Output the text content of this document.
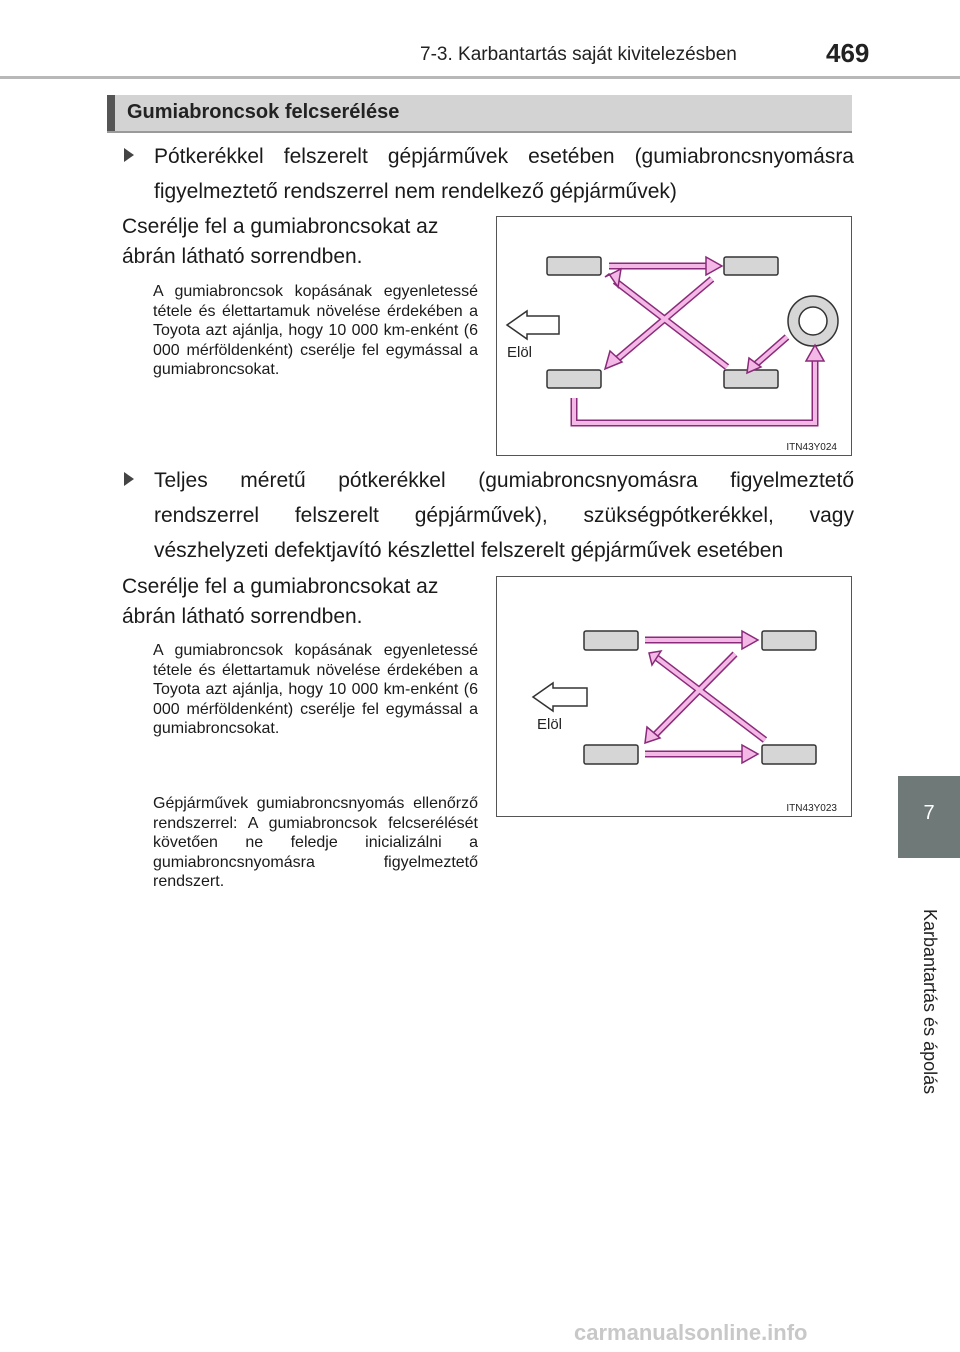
7-3. Karbantartás saját kivitelezésben	469
Gumiabroncsok felcserélése
Pótkerékkel felszerelt gépjárművek esetében (gumiabroncsnyomásra figyelmeztető rendszerrel nem rendelkező gépjárművek)
Cserélje fel a gumiabroncsokat az ábrán látható sorrendben.
A gumiabroncsok kopásának egyenletessé tétele és élettartamuk növelése érdekében a Toyota azt ajánlja, hogy 10 000 km-enként (6 000 mérföldenként) cserélje fel egymással a gumiabroncsokat.
Elöl
ITN43Y024
Teljes méretű pótkerékkel (gumiabroncsnyomásra figyelmeztető rendszerrel felszerelt gépjárművek), szükségpótkerékkel, vagy vészhelyzeti defektjavító készlettel felszerelt gépjárművek esetében
Cserélje fel a gumiabroncsokat az ábrán látható sorrendben.
A gumiabroncsok kopásának egyenletessé tétele és élettartamuk növelése érdekében a Toyota azt ajánlja, hogy 10 000 km-enként (6 000 mérföldenként) cserélje fel egymással a gumiabroncsokat.
Gépjárművek gumiabroncsnyomás ellenőrző rendszerrel: A gumiabroncsok felcserélését követően ne feledje inicializálni a gumiabroncsnyomásra figyelmeztető rendszert.
Elöl
ITN43Y023	7
Karbantartás és ápolás
carmanualsonline.info
